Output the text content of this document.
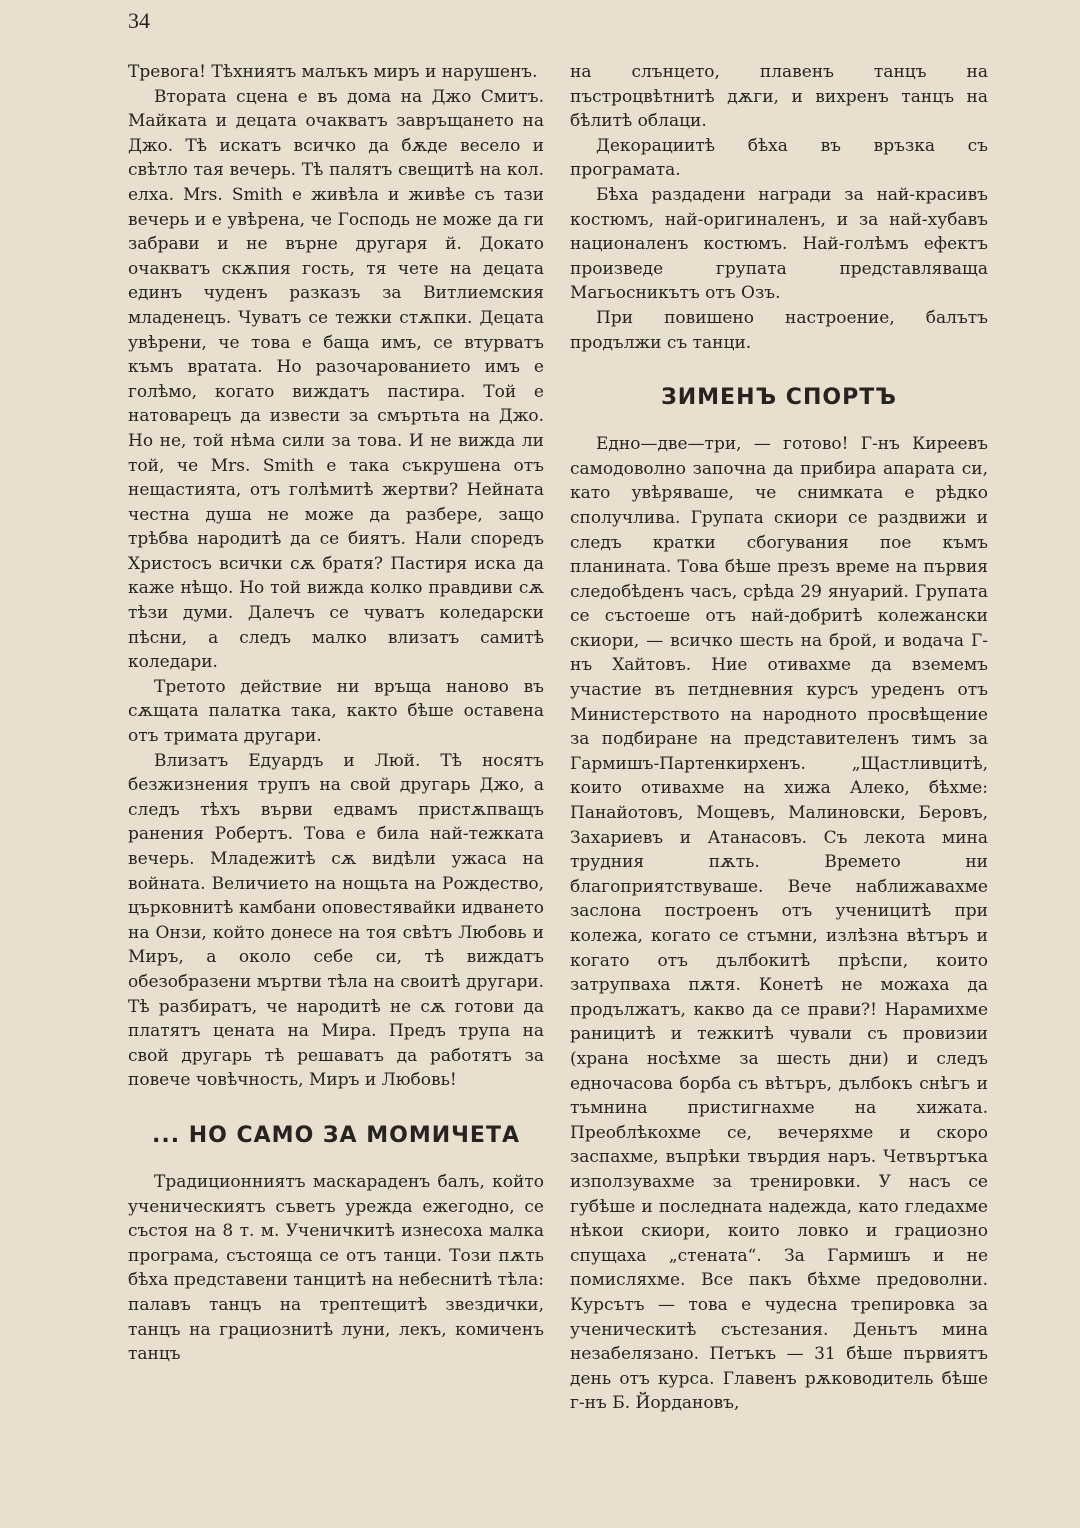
34

Тревога! Тѣхниятъ малъкъ миръ и нарушенъ.

Втората сцена е въ дома на Джо Смитъ. Майката и децата очакватъ завръщането на Джо. Тѣ искатъ всичко да бѫде весело и свѣтло тая вечерь. Тѣ палятъ свещитѣ на кол. елха. Mrs. Smith е живѣла и живѣе съ тази вечерь и е увѣрена, че Господь не може да ги забрави и не върне другаря й. Докато очакватъ скѫпия гость, тя чете на децата единъ чуденъ разказъ за Витлиемския младенецъ. Чуватъ се тежки стѫпки. Децата увѣрени, че това е баща имъ, се втурватъ къмъ вратата. Но разочарованието имъ е голѣмо, когато виждатъ пастира. Той е натоварецъ да извести за смъртьта на Джо. Но не, той нѣма сили за това. И не вижда ли той, че Mrs. Smith е така съкрушена отъ нещастията, отъ голѣмитѣ жертви? Нейната честна душа не може да разбере, защо трѣбва народитѣ да се биятъ. Нали споредъ Христосъ всички сѫ братя? Пастиря иска да каже нѣщо. Но той вижда колко правдиви сѫ тѣзи думи. Далечъ се чуватъ коледарски пѣсни, а следъ малко влизатъ самитѣ коледари.

Третото действие ни връща наново въ сѫщата палатка така, както бѣше оставена отъ тримата другари.

Влизатъ Едуардъ и Люй. Тѣ носятъ безжизнения трупъ на свой другарь Джо, а следъ тѣхъ върви едвамъ пристѫпващъ ранения Робертъ. Това е била най-тежката вечерь. Младежитѣ сѫ видѣли ужаса на войната. Величието на нощьта на Рождество, църковнитѣ камбани оповестявайки идването на Онзи, който донесе на тоя свѣтъ Любовь и Миръ, а около себе си, тѣ виждатъ обезобразени мъртви тѣла на своитѣ другари. Тѣ разбиратъ, че народитѣ не сѫ готови да платятъ цената на Мира. Предъ трупа на свой другарь тѣ решаватъ да работятъ за повече човѣчность, Миръ и Любовь!

... НО САМО ЗА МОМИЧЕТА

Традиционниятъ маскараденъ балъ, който ученическиятъ съветъ урежда ежегодно, се състоя на 8 т. м. Ученичкитѣ изнесоха малка програма, състояща се отъ танци. Този пѫть бѣха представени танцитѣ на небеснитѣ тѣла: палавъ танцъ на трептещитѣ звездички, танцъ на грациознитѣ луни, лекъ, комиченъ танцъ

на слънцето, плавенъ танцъ на пъстроцвѣтнитѣ дѫги, и вихренъ танцъ на бѣлитѣ облаци.

Декорациитѣ бѣха въ връзка съ програмата.

Бѣха раздадени награди за най-красивъ костюмъ, най-оригиналенъ, и за най-хубавъ националенъ костюмъ. Най-голѣмъ ефектъ произведе групата представляваща Магьосникътъ отъ Озъ.

При повишено настроение, балътъ продължи съ танци.

ЗИМЕНЪ СПОРТЪ

Едно—две—три, — готово! Г-нъ Киреевъ самодоволно започна да прибира апарата си, като увѣряваше, че снимката е рѣдко сполучлива. Групата скиори се раздвижи и следъ кратки сбогувания пое къмъ планината. Това бѣше презъ време на първия следобѣденъ часъ, срѣда 29 януарий. Групата се състоеше отъ най-добритѣ колежански скиори, — всичко шесть на брой, и водача Г-нъ Хайтовъ. Ние отивахме да вземемъ участие въ петдневния курсъ уреденъ отъ Министерството на народното просвѣщение за подбиране на представителенъ тимъ за Гармишъ-Партенкирхенъ. „Щастливцитѣ, които отивахме на хижа Алеко, бѣхме: Панайотовъ, Мощевъ, Малиновски, Беровъ, Захариевъ и Атанасовъ. Съ лекота мина трудния пѫть. Времето ни благоприятствуваше. Вече наближавахме заслона построенъ отъ ученицитѣ при колежа, когато се стъмни, излѣзна вѣтъръ и когато отъ дълбокитѣ прѣспи, които затрупваха пѫтя. Конетѣ не можаха да продължатъ, какво да се прави?! Нарамихме раницитѣ и тежкитѣ чували съ провизии (храна носѣхме за шесть дни) и следъ едночасова борба съ вѣтъръ, дълбокъ снѣгъ и тъмнина пристигнахме на хижата. Преоблѣкохме се, вечеряхме и скоро заспахме, въпрѣки твърдия наръ. Четвъртъка използувахме за тренировки. У насъ се губѣше и последната надежда, като гледахме нѣкои скиори, които ловко и грациозно спущаха „стената“. За Гармишъ и не помисляхме. Все пакъ бѣхме предоволни. Курсътъ — това е чудесна трепировка за ученическитѣ състезания. Деньтъ мина незабелязано. Петъкъ — 31 бѣше първиятъ день отъ курса. Главенъ рѫководитель бѣше г-нъ Б. Йордановъ,
